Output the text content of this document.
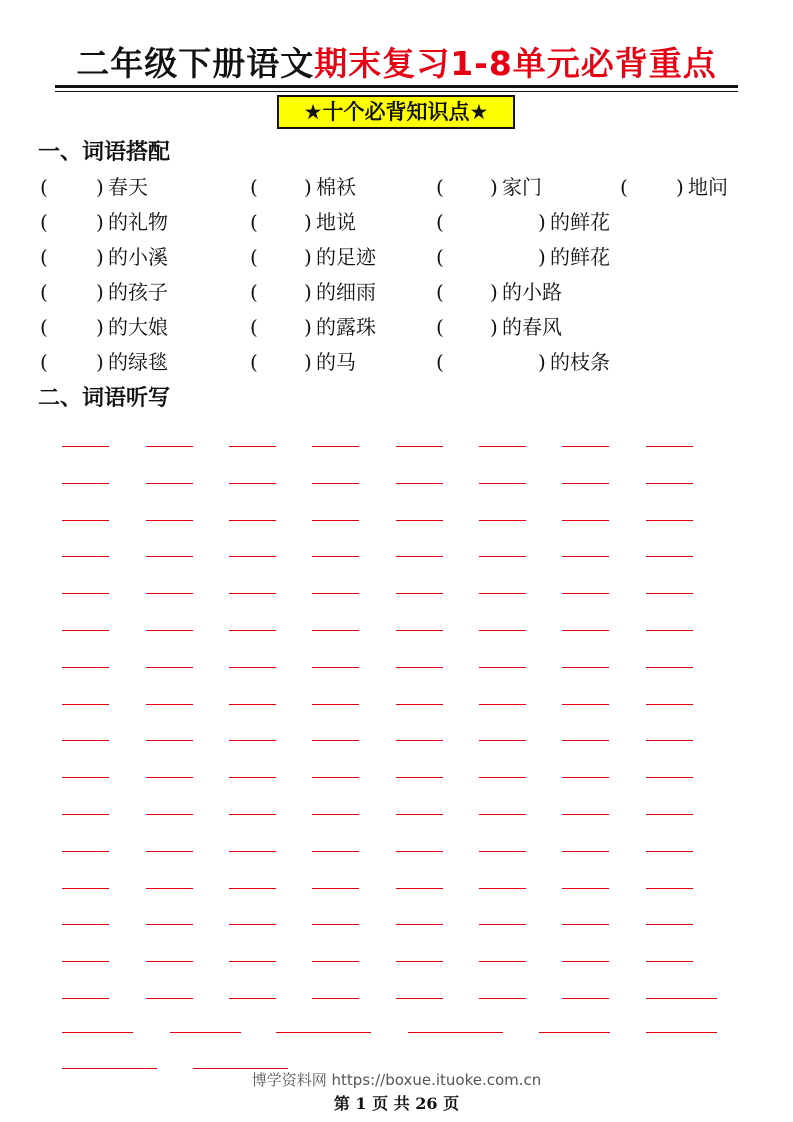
二年级下册语文期末复习1-8单元必背重点
★十个必背知识点★
一、词语搭配
( ) 春天	( ) 棉袄	( ) 家门	( ) 地问
( ) 的礼物	( ) 地说	(	) 的鲜花
( ) 的小溪	( ) 的足迹	(	) 的鲜花
( ) 的孩子	( ) 的细雨	( ) 的小路
( ) 的大娘	( ) 的露珠	( ) 的春风
( ) 的绿毯	( ) 的马	(	) 的枝条
二、词语听写
博学资料网 https://boxue.ituoke.com.cn
第 1 页 共 26 页
